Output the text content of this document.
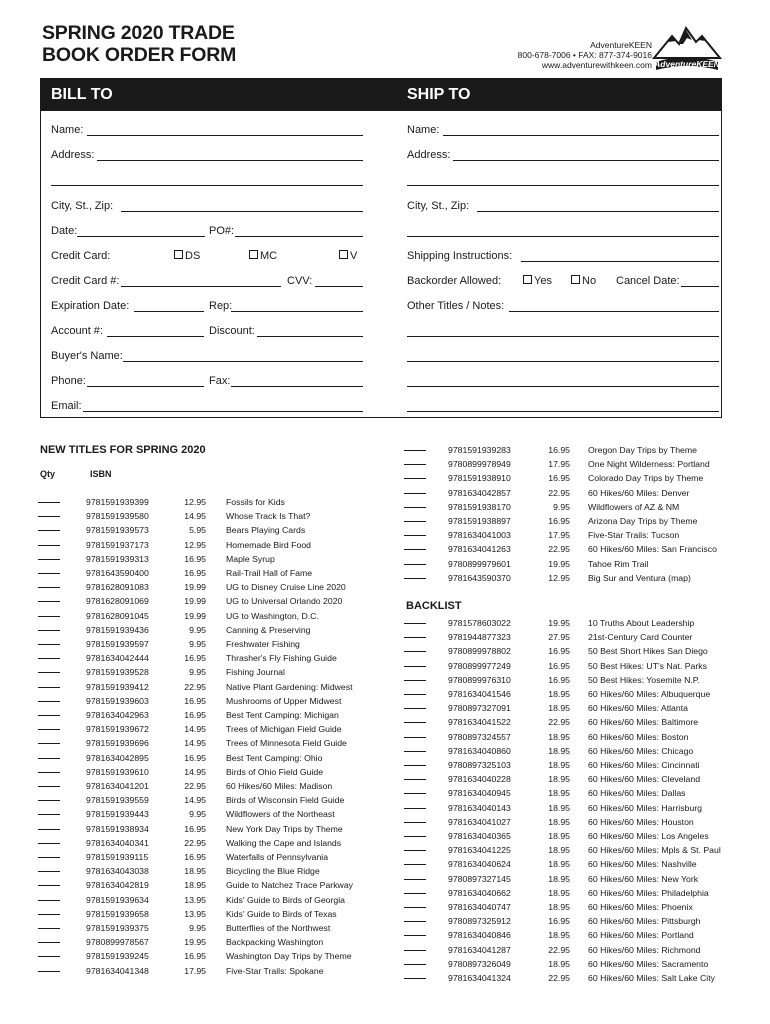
SPRING 2020 TRADE
BOOK ORDER FORM	AdventureKEEN
800-678-7006 • FAX: 877-374-9016
www.adventurewithkeen.com AdventureKEEN
BILL TO	SHIP TO
Name:
Address:
City, St., Zip:
Date:	PO#:
Credit Card:	DS	MC	V
Credit Card #:	CVV:
Expiration Date:	Rep:
Account #:	Discount:
Buyer's Name:
Phone:	Fax:
Email:
Name:
Address:
City, St., Zip:
Shipping Instructions:
Backorder Allowed:	Yes	No Cancel Date:
Other Titles / Notes:
NEW TITLES FOR SPRING 2020
Qty	ISBN
BACKLIST
9781591939399	12.95 Fossils for Kids
9781591939580	14.95 Whose Track Is That?
9781591939573	5.95 Bears Playing Cards
9781591937173	12.95 Homemade Bird Food
9781591939313	16.95 Maple Syrup
9781643590400	16.95 Rail-Trail Hall of Fame
9781628091083	19.99 UG to Disney Cruise Line 2020
9781628091069	19.99 UG to Universal Orlando 2020
9781628091045	19.99 UG to Washington, D.C.
9781591939436	9.95 Canning & Preserving
9781591939597	9.95 Freshwater Fishing
9781634042444	16.95 Thrasher's Fly Fishing Guide
9781591939528	9.95 Fishing Journal
9781591939412	22.95 Native Plant Gardening: Midwest
9781591939603	16.95 Mushrooms of Upper Midwest
9781634042963	16.95 Best Tent Camping: Michigan
9781591939672	14.95 Trees of Michigan Field Guide
9781591939696	14.95 Trees of Minnesota Field Guide
9781634042895	16.95 Best Tent Camping: Ohio
9781591939610	14.95 Birds of Ohio Field Guide
9781634041201	22.95 60 Hikes/60 Miles: Madison
9781591939559	14.95 Birds of Wisconsin Field Guide
9781591939443	9.95 Wildflowers of the Northeast
9781591938934	16.95 New York Day Trips by Theme
9781634040341	22.95 Walking the Cape and Islands
9781591939115	16.95 Waterfalls of Pennsylvania
9781634043038	18.95 Bicycling the Blue Ridge
9781634042819	18.95 Guide to Natchez Trace Parkway
9781591939634	13.95 Kids' Guide to Birds of Georgia
9781591939658	13.95 Kids' Guide to Birds of Texas
9781591939375	9.95 Butterflies of the Northwest
9780899978567	19.95 Backpacking Washington
9781591939245	16.95 Washington Day Trips by Theme
9781634041348	17.95 Five-Star Trails: Spokane
9781591939283	16.95 Oregon Day Trips by Theme
9780899978949	17.95 One Night Wilderness: Portland
9781591938910	16.95 Colorado Day Trips by Theme
9781634042857	22.95 60 Hikes/60 Miles: Denver
9781591938170	9.95 Wildflowers of AZ & NM
9781591938897	16.95 Arizona Day Trips by Theme
9781634041003	17.95 Five-Star Trails: Tucson
9781634041263	22.95 60 Hikes/60 Miles: San Francisco
9780899979601	19.95 Tahoe Rim Trail
9781643590370	12.95 Big Sur and Ventura (map)
9781578603022	19.95 10 Truths About Leadership
9781944877323	27.95 21st-Century Card Counter
9780899978802	16.95 50 Best Short Hikes San Diego
9780899977249	16.95 50 Best Hikes: UT's Nat. Parks
9780899976310	16.95 50 Best Hikes: Yosemite N.P.
9781634041546	18.95 60 Hikes/60 Miles: Albuquerque
9780897327091	18.95 60 Hikes/60 Miles: Atlanta
9781634041522	22.95 60 Hikes/60 Miles: Baltimore
9780897324557	18.95 60 Hikes/60 Miles: Boston
9781634040860	18.95 60 Hikes/60 Miles: Chicago
9780897325103	18.95 60 Hikes/60 Miles: Cincinnati
9781634040228	18.95 60 Hikes/60 Miles: Cleveland
9781634040945	18.95 60 Hikes/60 Miles: Dallas
9781634040143	18.95 60 Hikes/60 Miles: Harrisburg
9781634041027	18.95 60 Hikes/60 Miles: Houston
9781634040365	18.95 60 Hikes/60 Miles: Los Angeles
9781634041225	18.95 60 Hikes/60 Miles: Mpls & St. Paul
9781634040624	18.95 60 Hikes/60 Miles: Nashville
9780897327145	18.95 60 Hikes/60 Miles: New York
9781634040662	18.95 60 Hikes/60 Miles: Philadelphia
9781634040747	18.95 60 Hikes/60 Miles: Phoenix
9780897325912	16.95 60 Hikes/60 Miles: Pittsburgh
9781634040846	18.95 60 Hikes/60 Miles: Portland
9781634041287	22.95 60 Hikes/60 Miles: Richmond
9780897326049	18.95 60 Hikes/60 Miles: Sacramento
9781634041324	22.95 60 Hikes/60 Miles: Salt Lake City
